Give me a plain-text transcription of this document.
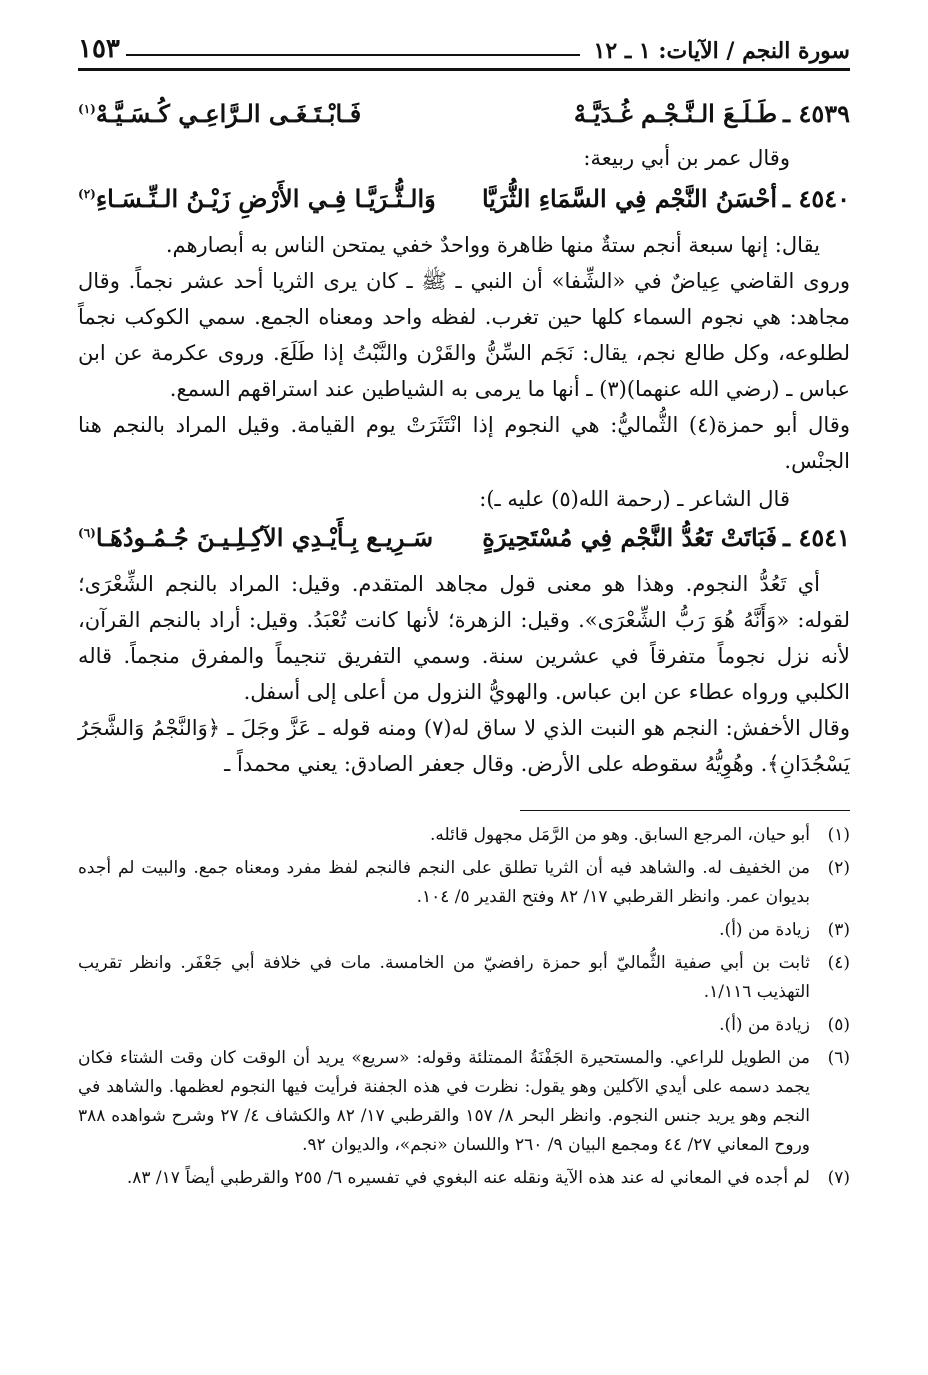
سورة النجم / الآيات: ١ ـ ١٢
١٥٣
٤٥٣٩ ـ
طَـلَـعَ الـنَّـجْـم غُـدَيَّـهْ
فَـابْـتَـغَـى الـرَّاعِـي كُـسَـيَّـهْ$^{(١)}$
وقال عمر بن أبي ربيعة:
٤٥٤٠ ـ
أحْسَنُ النَّجْم فِي السَّمَاءِ الثُّرَيَّا
وَالـثُّـرَيَّـا فِـي الأَرْضِ زَيْـنُ الـنِّـسَـاءِ$^{(٢)}$

يقال: إنها سبعة أنجم ستةٌ منها ظاهرة وواحدٌ خفي يمتحن الناس به أبصارهم.

وروى القاضي عِياضٌ في «الشِّفا» أن النبي ـ ﷺ ـ كان يرى الثريا أحد عشر نجماً. وقال مجاهد: هي نجوم السماء كلها حين تغرب. لفظه واحد ومعناه الجمع. سمي الكوكب نجماً لطلوعه، وكل طالع نجم، يقال: نَجَم السِّنُّ والقَرْن والنَّبْتُ إذا طَلَعَ. وروى عكرمة عن ابن عباس ـ (رضي الله عنهما)(٣) ـ أنها ما يرمى به الشياطين عند استراقهم السمع.

وقال أبو حمزة(٤) الثُّماليُّ: هي النجوم إذا انْتَثَرَتْ يوم القيامة. وقيل المراد بالنجم هنا الجنْس.

قال الشاعر ـ (رحمة الله(٥) عليه ـ):
٤٥٤١ ـ
فَبَاتَتْ تَعُدُّ النَّجْم فِي مُسْتَحِيرَةٍ
سَـرِيـع بِـأَيْـدِي الآكِـلِـيـنَ جُـمُـودُهَـا$^{(٦)}$

أي تَعُدُّ النجوم. وهذا هو معنى قول مجاهد المتقدم. وقيل: المراد بالنجم الشِّعْرَى؛ لقوله: «وَأَنَّهُ هُوَ رَبُّ الشِّعْرَى». وقيل: الزهرة؛ لأنها كانت تُعْبَدُ. وقيل: أراد بالنجم القرآن، لأنه نزل نجوماً متفرقاً في عشرين سنة. وسمي التفريق تنجيماً والمفرق منجماً. قاله الكلبي ورواه عطاء عن ابن عباس. والهويُّ النزول من أعلى إلى أسفل.

وقال الأخفش: النجم هو النبت الذي لا ساق له(٧) ومنه قوله ـ عَزَّ وجَلَ ـ ﴿وَالنَّجْمُ وَالشَّجَرُ يَسْجُدَانِ﴾. وهُوِيُّهُ سقوطه على الأرض. وقال جعفر الصادق: يعني محمداً ـ

(١)
أبو حيان، المرجع السابق. وهو من الرَّمَل مجهول قائله.
(٢)
من الخفيف له. والشاهد فيه أن الثريا تطلق على النجم فالنجم لفظ مفرد ومعناه جمع. والبيت لم أجده بديوان عمر. وانظر القرطبي ١٧/ ٨٢ وفتح القدير ٥/ ١٠٤.
(٣)
زيادة من (أ).
(٤)
ثابت بن أبي صفية الثُّماليّ أبو حمزة رافضيّ من الخامسة. مات في خلافة أبي جَعْفَر. وانظر تقريب التهذيب ١/١١٦.
(٥)
زيادة من (أ).
(٦)
من الطويل للراعي. والمستحيرة الجَفْنَةُ الممتلئة وقوله: «سريع» يريد أن الوقت كان وقت الشتاء فكان يجمد دسمه على أيدي الآكلين وهو يقول: نظرت في هذه الجفنة فرأيت فيها النجوم لعظمها. والشاهد في النجم وهو يريد جنس النجوم. وانظر البحر ٨/ ١٥٧ والقرطبي ١٧/ ٨٢ والكشاف ٤/ ٢٧ وشرح شواهده ٣٨٨ وروح المعاني ٢٧/ ٤٤ ومجمع البيان ٩/ ٢٦٠ واللسان «نجم»، والديوان ٩٢.
(٧)
لم أجده في المعاني له عند هذه الآية ونقله عنه البغوي في تفسيره ٦/ ٢٥٥ والقرطبي أيضاً ١٧/ ٨٣.
